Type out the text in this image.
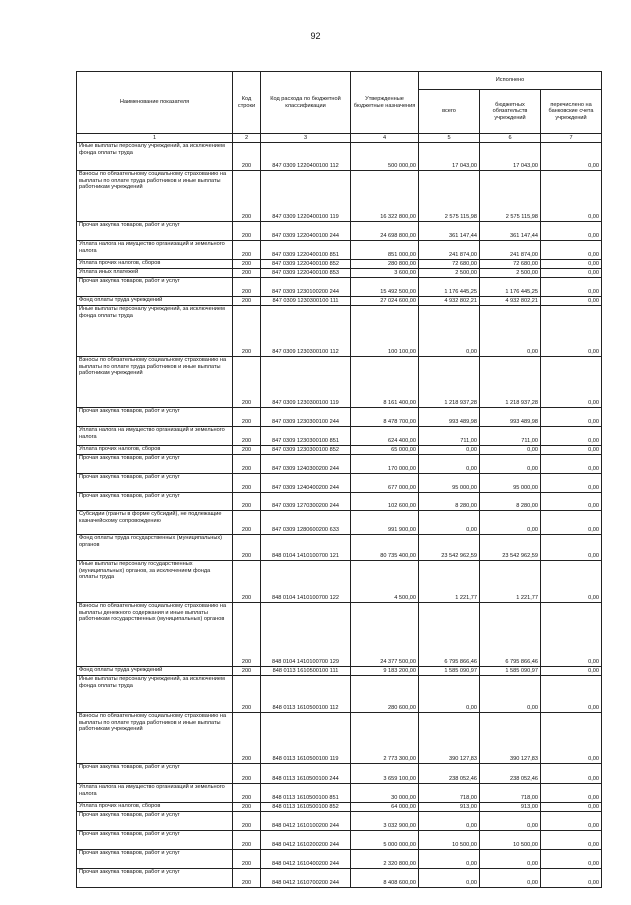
92
Наименование показателя	Код строки	Код расхода по бюджетной классификации	Утвержденные бюджетные назначения	Исполнено		
				всего	бюджетных обязательств учреждений	перечислено на банковские счета учреждений
1	2	3	4	5	6	7
Иные выплаты персоналу учреждений, за исключением фонда оплаты труда	200	847 0309 1220400100 112	500 000,00	17 043,00	17 043,00	0,00
Взносы по обязательному социальному страхованию на выплаты по оплате труда работников и иные выплаты работникам учреждений	200	847 0309 1220400100 119	16 322 800,00	2 575 115,98	2 575 115,98	0,00
Прочая закупка товаров, работ и услуг	200	847 0309 1220400100 244	24 698 800,00	361 147,44	361 147,44	0,00
Уплата налога на имущество организаций и земельного налога	200	847 0309 1220400100 851	851 000,00	241 874,00	241 874,00	0,00
Уплата прочих налогов, сборов	200	847 0309 1220400100 852	280 800,00	72 680,00	72 680,00	0,00
Уплата иных платежей	200	847 0309 1220400100 853	3 600,00	2 500,00	2 500,00	0,00
Прочая закупка товаров, работ и услуг	200	847 0309 1230100200 244	15 492 500,00	1 176 445,25	1 176 445,25	0,00
Фонд оплаты труда учреждений	200	847 0309 1230300100 111	27 024 600,00	4 932 802,21	4 932 802,21	0,00
Иные выплаты персоналу учреждений, за исключением фонда оплаты труда	200	847 0309 1230300100 112	100 100,00	0,00	0,00	0,00
Взносы по обязательному социальному страхованию на выплаты по оплате труда работников и иные выплаты работникам учреждений	200	847 0309 1230300100 119	8 161 400,00	1 218 937,28	1 218 937,28	0,00
Прочая закупка товаров, работ и услуг	200	847 0309 1230300100 244	8 478 700,00	993 489,98	993 489,98	0,00
Уплата налога на имущество организаций и земельного налога	200	847 0309 1230300100 851	624 400,00	711,00	711,00	0,00
Уплата прочих налогов, сборов	200	847 0309 1230300100 852	65 000,00	0,00	0,00	0,00
Прочая закупка товаров, работ и услуг	200	847 0309 1240300200 244	170 000,00	0,00	0,00	0,00
Прочая закупка товаров, работ и услуг	200	847 0309 1240400200 244	677 000,00	95 000,00	95 000,00	0,00
Прочая закупка товаров, работ и услуг	200	847 0309 1270300200 244	102 600,00	8 280,00	8 280,00	0,00
Субсидии (гранты в форме субсидий), не подлежащие казначейскому сопровождению	200	847 0309 1280600200 633	991 900,00	0,00	0,00	0,00
Фонд оплаты труда государственных (муниципальных) органов	200	848 0104 1410100700 121	80 735 400,00	23 542 962,59	23 542 962,59	0,00
Иные выплаты персоналу государственных (муниципальных) органов, за исключением фонда оплаты труда	200	848 0104 1410100700 122	4 500,00	1 221,77	1 221,77	0,00
Взносы по обязательному социальному страхованию на выплаты денежного содержания и иные выплаты работникам государственных (муниципальных) органов	200	848 0104 1410100700 129	24 377 500,00	6 795 866,46	6 795 866,46	0,00
Фонд оплаты труда учреждений	200	848 0113 1610500100 111	9 183 200,00	1 585 090,97	1 585 090,97	0,00
Иные выплаты персоналу учреждений, за исключением фонда оплаты труда	200	848 0113 1610500100 112	280 600,00	0,00	0,00	0,00
Взносы по обязательному социальному страхованию на выплаты по оплате труда работников и иные выплаты работникам учреждений	200	848 0113 1610500100 119	2 773 300,00	390 127,83	390 127,83	0,00
Прочая закупка товаров, работ и услуг	200	848 0113 1610500100 244	3 659 100,00	238 052,46	238 052,46	0,00
Уплата налога на имущество организаций и земельного налога	200	848 0113 1610500100 851	30 000,00	718,00	718,00	0,00
Уплата прочих налогов, сборов	200	848 0113 1610500100 852	64 000,00	913,00	913,00	0,00
Прочая закупка товаров, работ и услуг	200	848 0412 1610100200 244	3 032 900,00	0,00	0,00	0,00
Прочая закупка товаров, работ и услуг	200	848 0412 1610200200 244	5 000 000,00	10 500,00	10 500,00	0,00
Прочая закупка товаров, работ и услуг	200	848 0412 1610400200 244	2 320 800,00	0,00	0,00	0,00
Прочая закупка товаров, работ и услуг	200	848 0412 1610700200 244	8 408 600,00	0,00	0,00	0,00
